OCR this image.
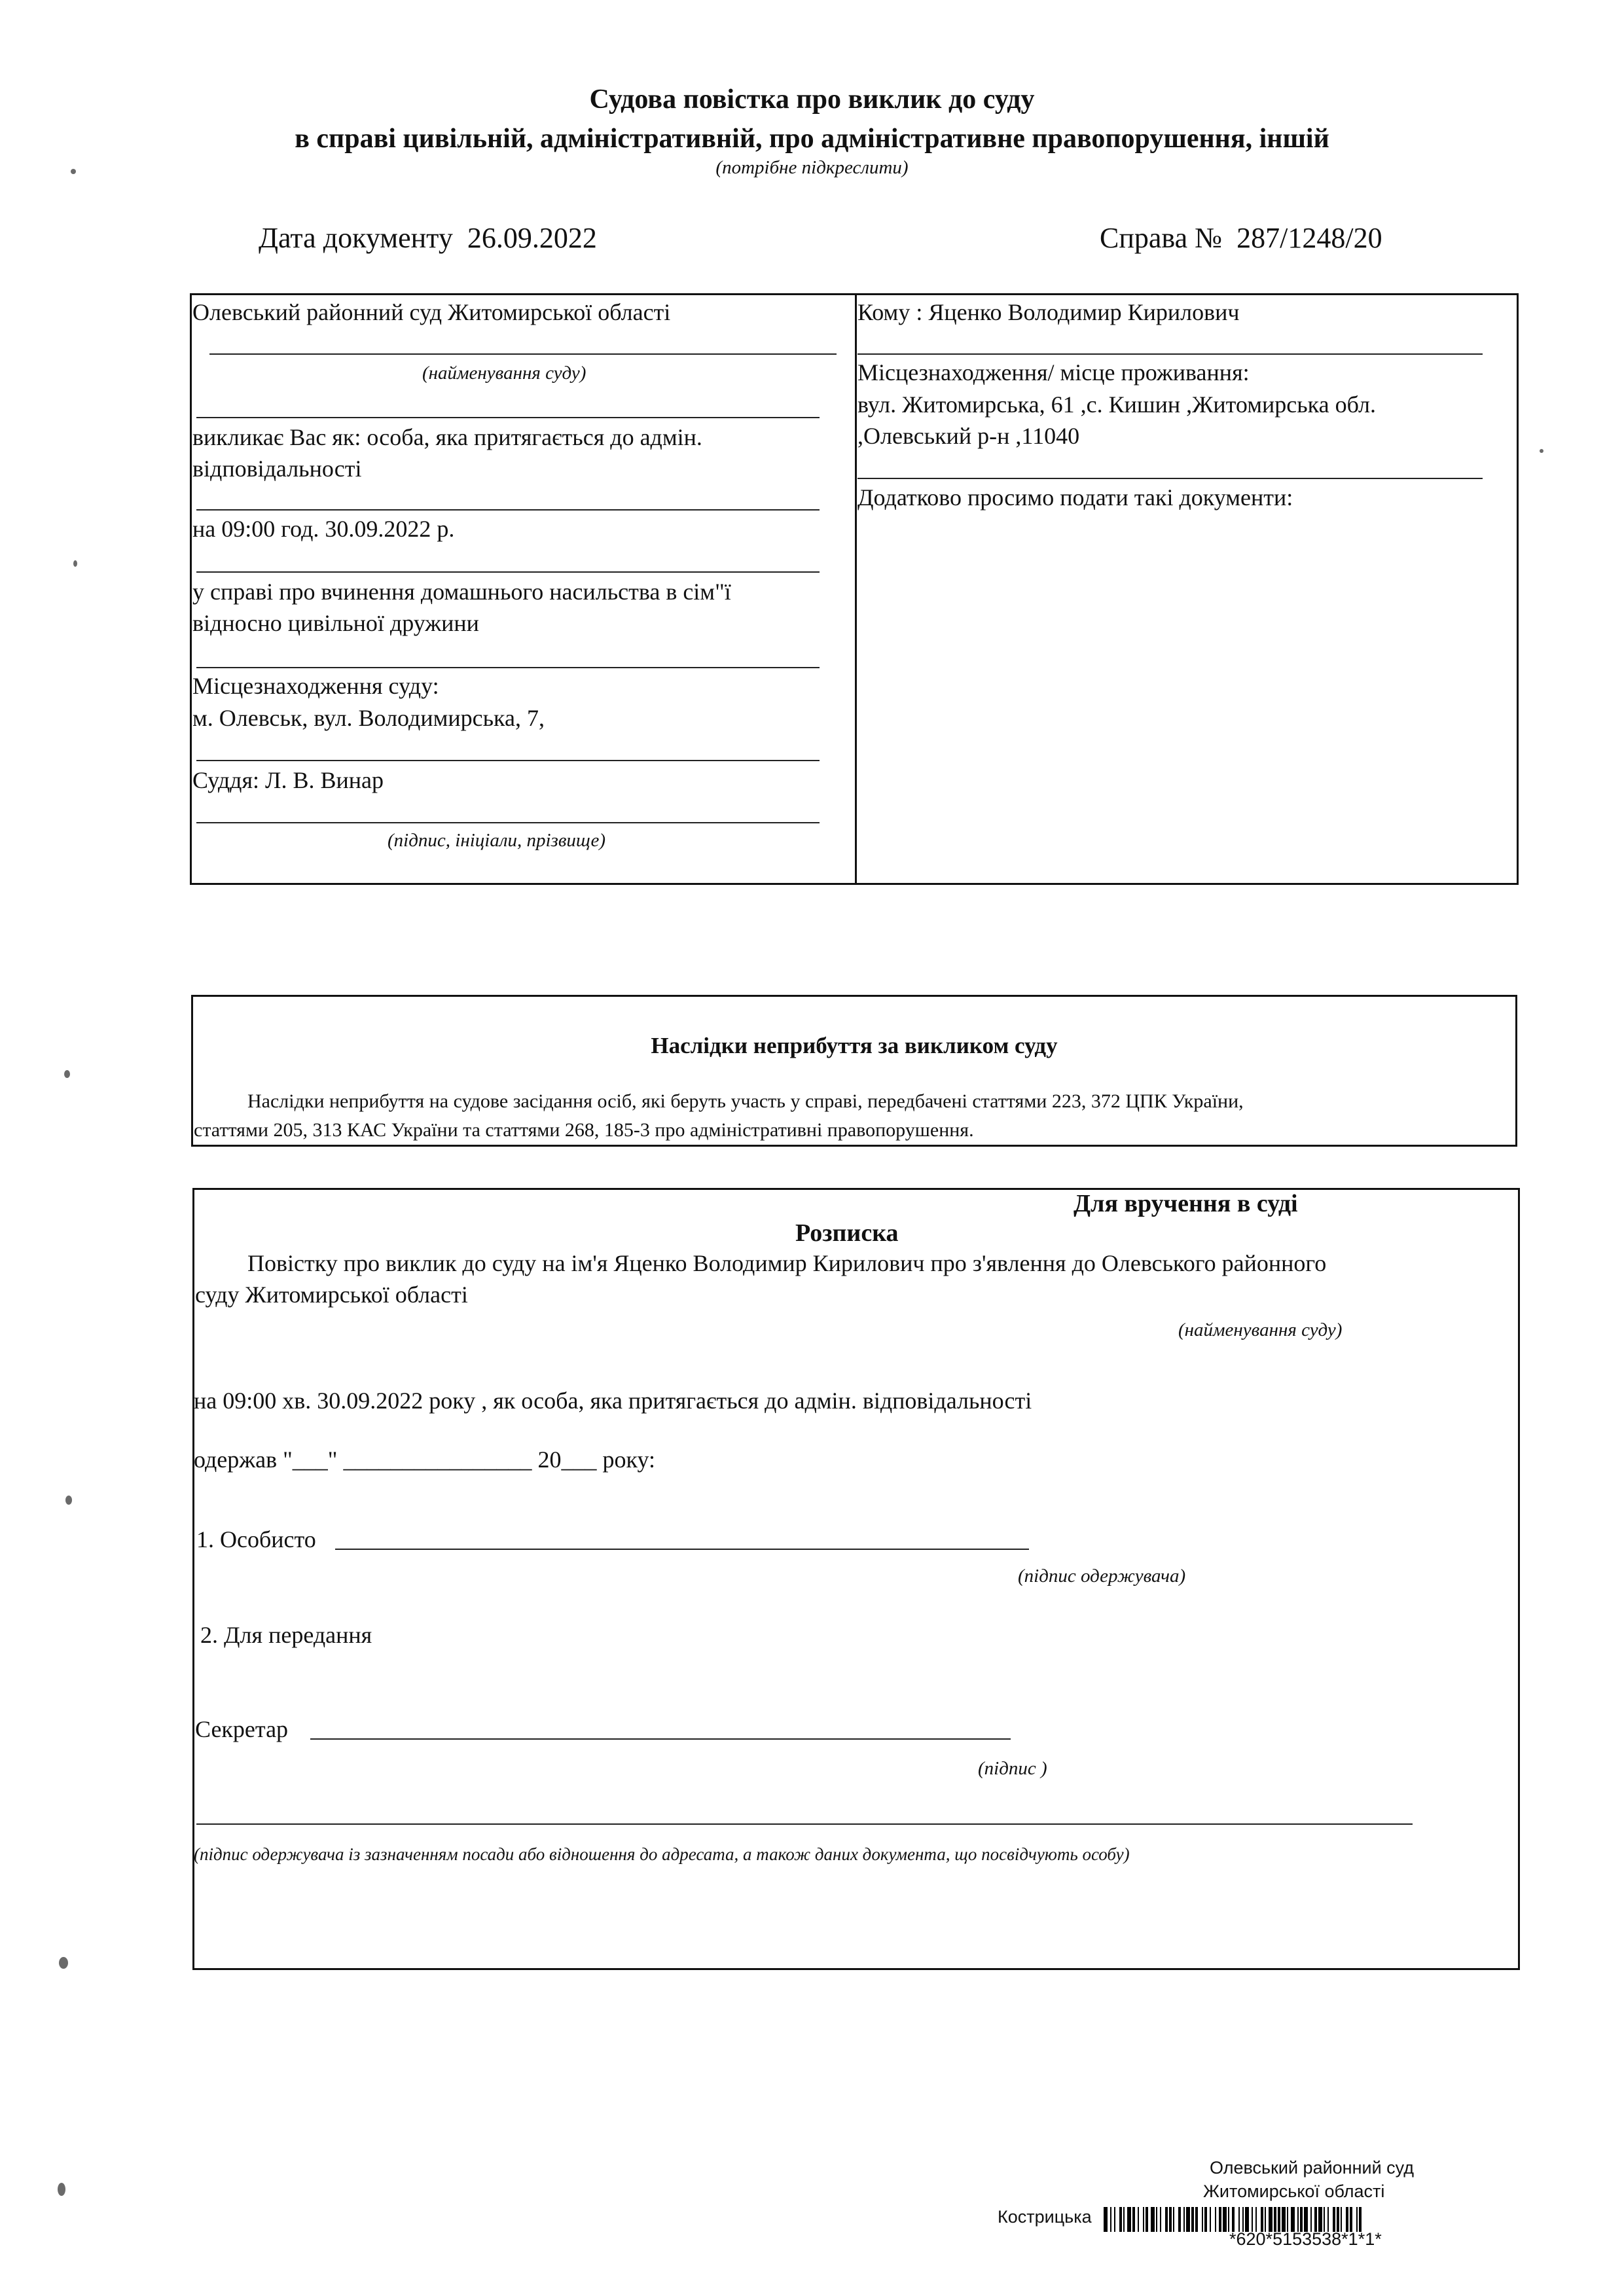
Судова повістка про виклик до суду
в справі цивільній, адміністративній, про адміністративне правопорушення, іншій
(потрібне підкреслити)
Дата документу 26.09.2022	Справа № 287/1248/20
Олевський районний суд Житомирської області
(найменування суду)
викликає Вас як: особа, яка притягається до адмін.
відповідальності
на 09:00 год. 30.09.2022 р.
у справі про вчинення домашнього насильства в сім"ї
відносно цивільної дружини
Місцезнаходження суду:
м. Олевськ, вул. Володимирська, 7,
Суддя: Л. В. Винар
(підпис, ініціали, прізвище)
Кому : Яценко Володимир Кирилович
Місцезнаходження/ місце проживання:
вул. Житомирська, 61 ,с. Кишин ,Житомирська обл.
,Олевський р-н ,11040
Додатково просимо подати такі документи:
Наслідки неприбуття за викликом суду
Наслідки неприбуття на судове засідання осіб, які беруть участь у справі, передбачені статтями 223, 372 ЦПК України,
статтями 205, 313 КАС України та статтями 268, 185-3 про адміністративні правопорушення.
Для вручення в суді
Розписка
Повістку про виклик до суду на ім'я Яценко Володимир Кирилович про з'явлення до Олевського районного
суду Житомирської області
(найменування суду)
на 09:00 хв. 30.09.2022 року , як особа, яка притягається до адмін. відповідальності
одержав "___" ________________ 20___ року:
1. Особисто
(підпис одержувача)
2. Для передання
Секретар
(підпис )
(підпис одержувача із зазначенням посади або відношення до адресата, а також даних документа, що посвідчують особу)
Олевський районний суд
Житомирської області
Кострицька
*620*5153538*1*1*
